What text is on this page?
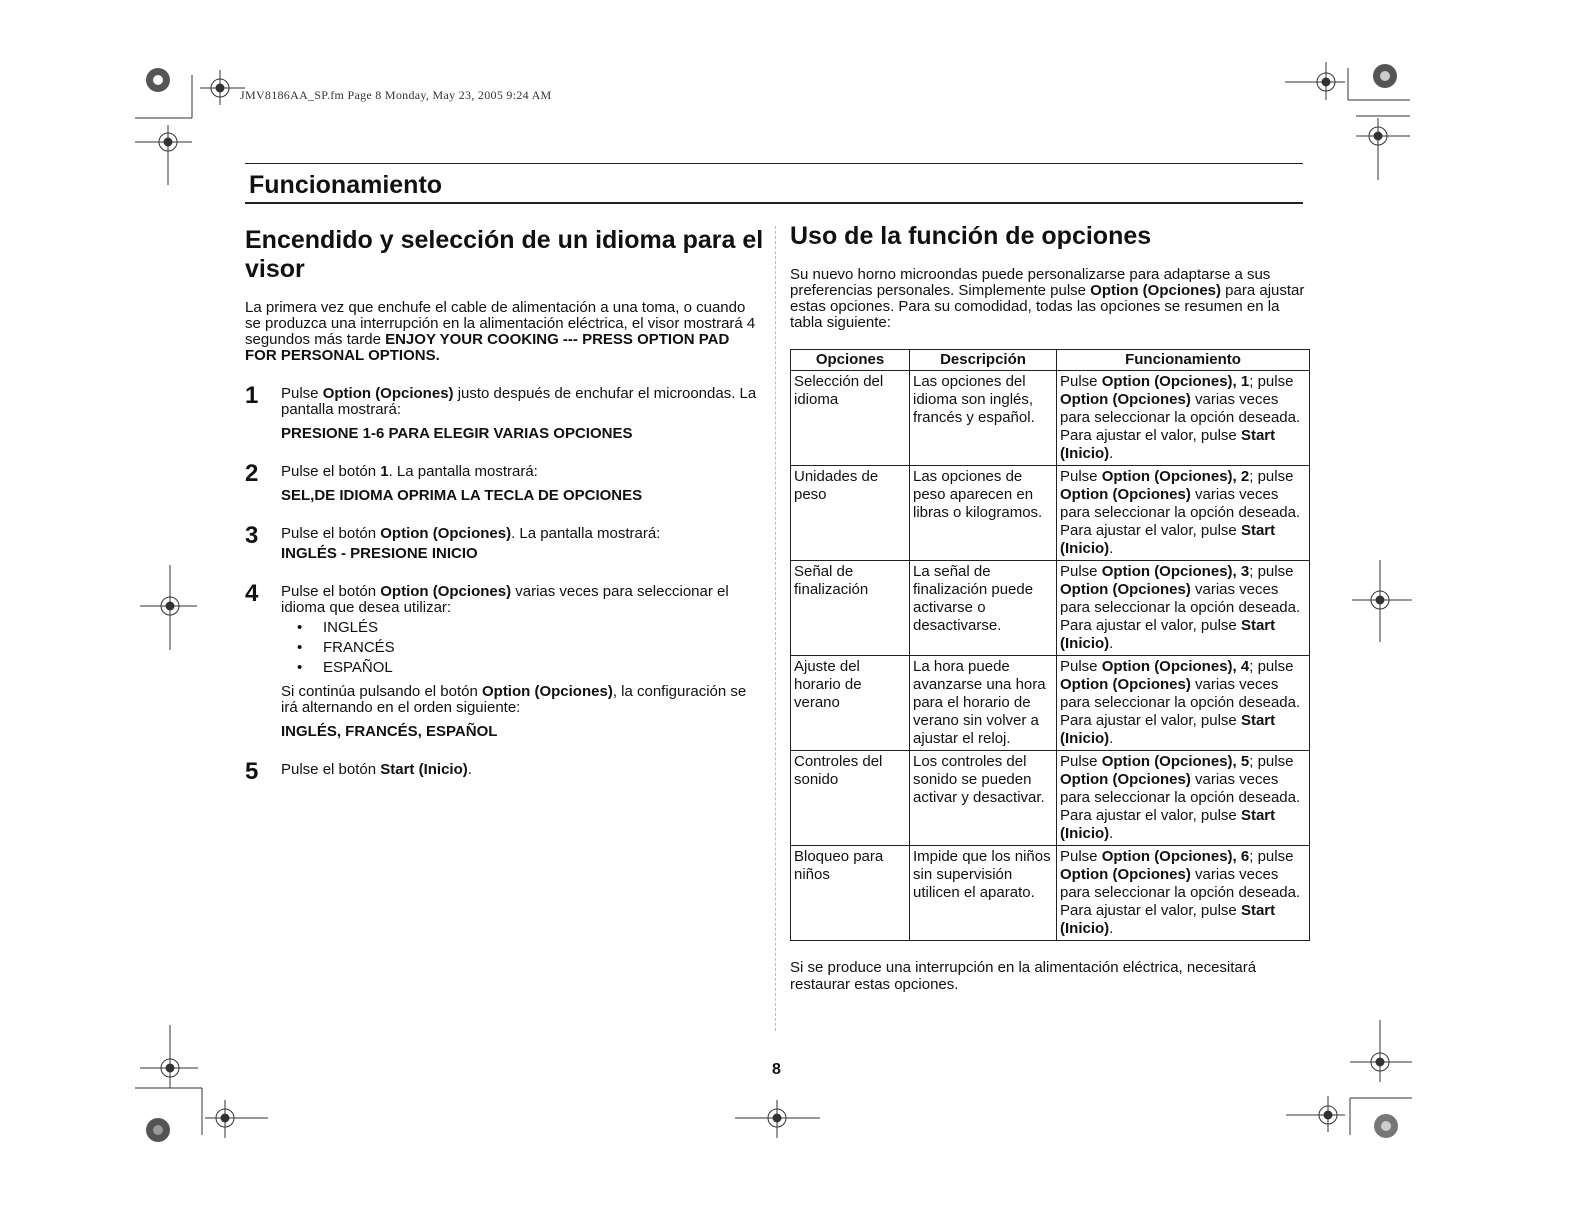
JMV8186AA_SP.fm Page 8 Monday, May 23, 2005 9:24 AM
Funcionamiento
Encendido y selección de un idioma para el visor

La primera vez que enchufe el cable de alimentación a una toma, o cuando se produzca una interrupción en la alimentación eléctrica, el visor mostrará 4 segundos más tarde ENJOY YOUR COOKING --- PRESS OPTION PAD FOR PERSONAL OPTIONS.

1 Pulse Option (Opciones) justo después de enchufar el microondas. La pantalla mostrará:

PRESIONE 1-6 PARA ELEGIR VARIAS OPCIONES
2 Pulse el botón 1. La pantalla mostrará:

SEL,DE IDIOMA OPRIMA LA TECLA DE OPCIONES
3 Pulse el botón Option (Opciones). La pantalla mostrará:

INGLÉS - PRESIONE INICIO
4 Pulse el botón Option (Opciones) varias veces para seleccionar el idioma que desea utilizar:

• INGLÉS
• FRANCÉS
• ESPAÑOL

Si continúa pulsando el botón Option (Opciones), la configuración se irá alternando en el orden siguiente:

INGLÉS, FRANCÉS, ESPAÑOL
5 Pulse el botón Start (Inicio).

Uso de la función de opciones

Su nuevo horno microondas puede personalizarse para adaptarse a sus preferencias personales. Simplemente pulse Option (Opciones) para ajustar estas opciones. Para su comodidad, todas las opciones se resumen en la tabla siguiente:

Opciones	Descripción	Funcionamiento
Selección del idioma	Las opciones del idioma son inglés, francés y español.	Pulse Option (Opciones), 1; pulse Option (Opciones) varias veces para seleccionar la opción deseada. Para ajustar el valor, pulse Start (Inicio).
Unidades de peso	Las opciones de peso aparecen en libras o kilogramos.	Pulse Option (Opciones), 2; pulse Option (Opciones) varias veces para seleccionar la opción deseada. Para ajustar el valor, pulse Start (Inicio).
Señal de finalización	La señal de finalización puede activarse o desactivarse.	Pulse Option (Opciones), 3; pulse Option (Opciones) varias veces para seleccionar la opción deseada. Para ajustar el valor, pulse Start (Inicio).
Ajuste del horario de verano	La hora puede avanzarse una hora para el horario de verano sin volver a ajustar el reloj.	Pulse Option (Opciones), 4; pulse Option (Opciones) varias veces para seleccionar la opción deseada. Para ajustar el valor, pulse Start (Inicio).
Controles del sonido	Los controles del sonido se pueden activar y desactivar.	Pulse Option (Opciones), 5; pulse Option (Opciones) varias veces para seleccionar la opción deseada. Para ajustar el valor, pulse Start (Inicio).
Bloqueo para niños	Impide que los niños sin supervisión utilicen el aparato.	Pulse Option (Opciones), 6; pulse Option (Opciones) varias veces para seleccionar la opción deseada. Para ajustar el valor, pulse Start (Inicio).
Si se produce una interrupción en la alimentación eléctrica, necesitará restaurar estas opciones.
8
